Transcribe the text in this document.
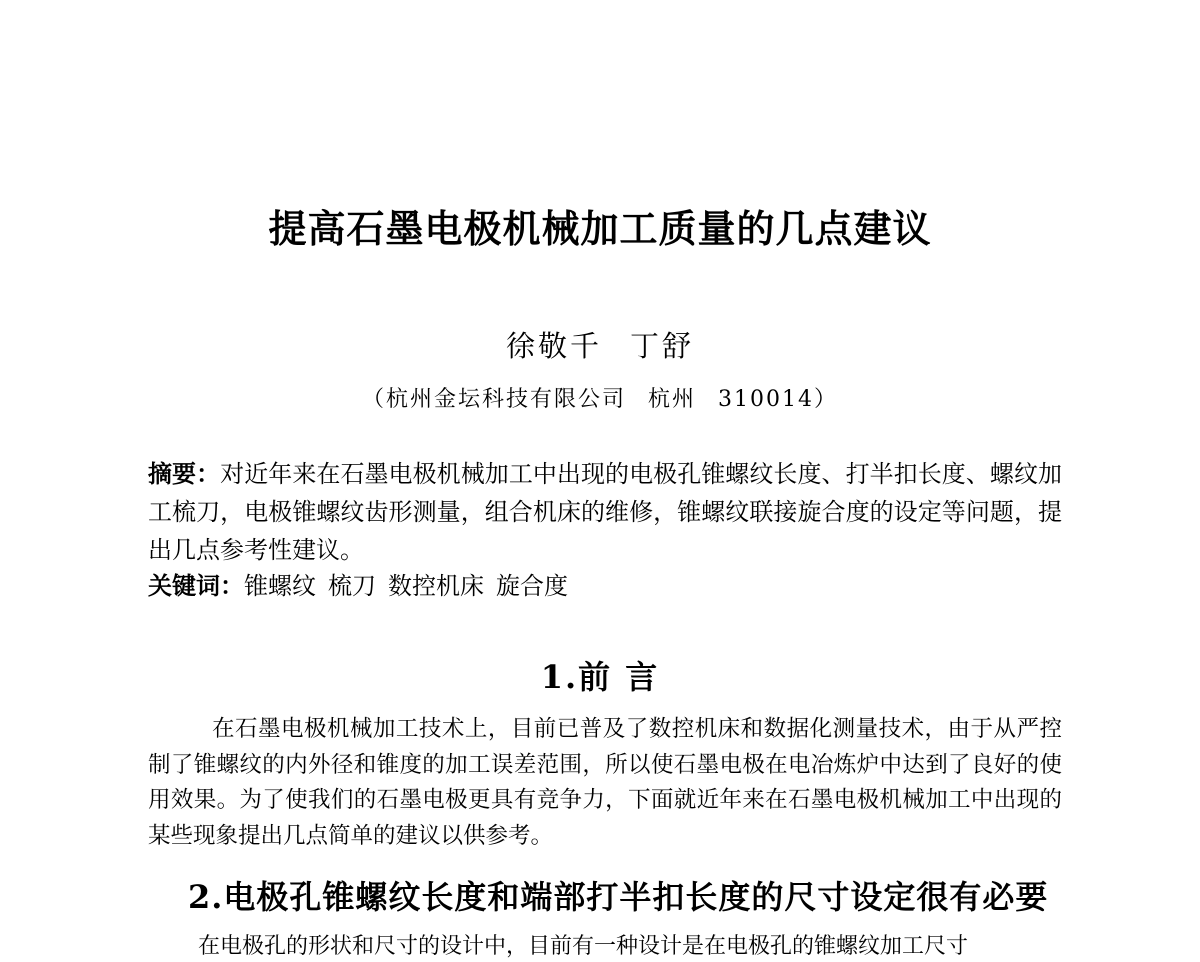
提高石墨电极机械加工质量的几点建议
徐敬千 丁舒
（杭州金坛科技有限公司 杭州 310014）
摘要：对近年来在石墨电极机械加工中出现的电极孔锥螺纹长度、打半扣长度、螺纹加工梳刀，电极锥螺纹齿形测量，组合机床的维修，锥螺纹联接旋合度的设定等问题，提出几点参考性建议。
关键词：锥螺纹 梳刀 数控机床 旋合度
1.前 言
在石墨电极机械加工技术上，目前已普及了数控机床和数据化测量技术，由于从严控制了锥螺纹的内外径和锥度的加工误差范围，所以使石墨电极在电冶炼炉中达到了良好的使用效果。为了使我们的石墨电极更具有竞争力，下面就近年来在石墨电极机械加工中出现的某些现象提出几点简单的建议以供参考。
2.电极孔锥螺纹长度和端部打半扣长度的尺寸设定很有必要
在电极孔的形状和尺寸的设计中，目前有一种设计是在电极孔的锥螺纹加工尺寸
